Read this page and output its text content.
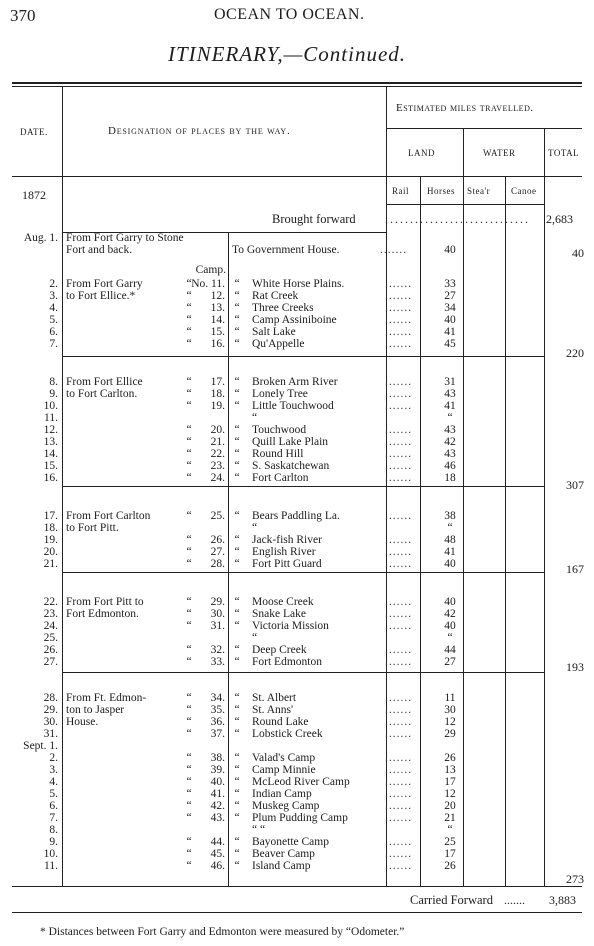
370	OCEAN TO OCEAN.
ITINERARY,—Continued.
DATE.	Designation of places by the way.
Estimated miles travelled.
LAND	WATER	TOTAL
Rail Horses Stea'r Canoe
1872
Brought forward ............................. 2,683
Aug. 1. From Fort Garry to Stone
Fort and back.	To Government House.	.......	40	40
Camp.
2. From Fort Garry	“ No. 11. “ White Horse Plains.	.......	33
3. to Fort Ellice.*	“	12. “ Rat Creek	.......	27
4.	“	13. “ Three Creeks	.......	34
5.	“	14. “ Camp Assiniboine	.......	40
6.	“	15. “ Salt Lake	.......	41
7.	“	16. “ Qu'Appelle	.......	45
220
8. From Fort Ellice	“	17. “ Broken Arm River	.......	31
9. to Fort Carlton.	“	18. “ Lonely Tree	.......	43
10.	“	19. “ Little Touchwood	.......	41
11.	“	“
12.	“	20. “ Touchwood	.......	43
13.	“	21. “ Quill Lake Plain	.......	42
14.	“	22. “ Round Hill	.......	43
15.	“	23. “ S. Saskatchewan	.......	46
16.	“	24. “ Fort Carlton	.......	18	307
17. From Fort Carlton	“	25. “ Bears Paddling La.	.......	38
18. to Fort Pitt.	“	“
19.	“	26. “ Jack-fish River	.......	48
20.	“	27. “ English River	.......	41
21.	“	28. “ Fort Pitt Guard	.......	40	167
22. From Fort Pitt to	“	29. “ Moose Creek	.......	40
23. Fort Edmonton.	“	30. “ Snake Lake	.......	42
24.	“	31. “ Victoria Mission	.......	40
25.	“	“
26.	“	32. “ Deep Creek	.......	44
27.	“	33. “ Fort Edmonton	.......	27	193
28. From Ft. Edmon-	“	34. “ St. Albert	.......	11
29. ton to Jasper	“	35. “ St. Anns'	.......	30
30. House.	“	36. “ Round Lake	.......	12
31.	“	37. “ Lobstick Creek	.......	29
Sept. 1.
2.	“	38. “ Valad's Camp	.......	26
3.	“	39. “ Camp Minnie	.......	13
4.	“	40. “ McLeod River Camp	.......	17
5.	“	41. “ Indian Camp	.......	12
6.	“	42. “ Muskeg Camp	.......	20
7.	“	43. “ Plum Pudding Camp	.......	21
8.	“ “	“
9.	“	44. “ Bayonette Camp	.......	25
10.	“	45. “ Beaver Camp	.......	17
11.	“	46. “ Island Camp	.......	26
273
Carried Forward ....... 3,883
* Distances between Fort Garry and Edmonton were measured by “Odometer.”
